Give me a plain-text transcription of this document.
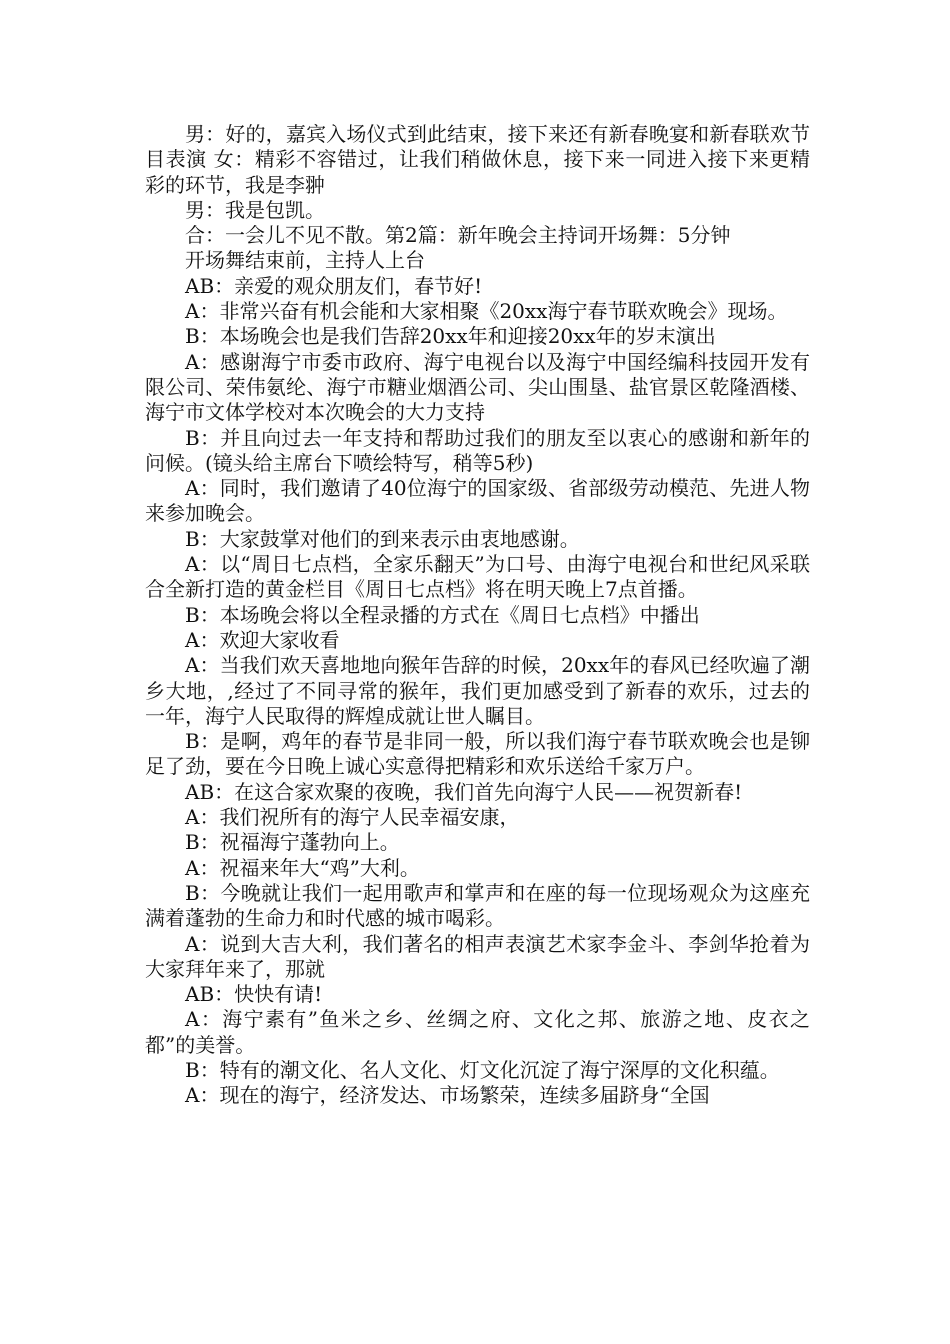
男：好的，嘉宾入场仪式到此结束，接下来还有新春晚宴和新春联欢节目表演 女：精彩不容错过，让我们稍做休息，接下来一同进入接下来更精彩的环节，我是李翀

男：我是包凯。

合：一会儿不见不散。第2篇：新年晚会主持词开场舞：5分钟

开场舞结束前，主持人上台

AB：亲爱的观众朋友们，春节好!

A：非常兴奋有机会能和大家相聚《20xx海宁春节联欢晚会》现场。

B：本场晚会也是我们告辞20xx年和迎接20xx年的岁末演出

A：感谢海宁市委市政府、海宁电视台以及海宁中国经编科技园开发有限公司、荣伟氨纶、海宁市糖业烟酒公司、尖山围垦、盐官景区乾隆酒楼、海宁市文体学校对本次晚会的大力支持

B：并且向过去一年支持和帮助过我们的朋友至以衷心的感谢和新年的问候。(镜头给主席台下喷绘特写，稍等5秒)

A：同时，我们邀请了40位海宁的国家级、省部级劳动模范、先进人物来参加晚会。

B：大家鼓掌对他们的到来表示由衷地感谢。

A：以“周日七点档，全家乐翻天”为口号、由海宁电视台和世纪风采联合全新打造的黄金栏目《周日七点档》将在明天晚上7点首播。

B：本场晚会将以全程录播的方式在《周日七点档》中播出

A：欢迎大家收看

A：当我们欢天喜地地向猴年告辞的时候，20xx年的春风已经吹遍了潮乡大地，,经过了不同寻常的猴年，我们更加感受到了新春的欢乐，过去的一年，海宁人民取得的辉煌成就让世人瞩目。

B：是啊，鸡年的春节是非同一般，所以我们海宁春节联欢晚会也是铆足了劲，要在今日晚上诚心实意得把精彩和欢乐送给千家万户。

AB：在这合家欢聚的夜晚，我们首先向海宁人民——祝贺新春!

A：我们祝所有的海宁人民幸福安康，

B：祝福海宁蓬勃向上。

A：祝福来年大“鸡”大利。

B：今晚就让我们一起用歌声和掌声和在座的每一位现场观众为这座充满着蓬勃的生命力和时代感的城市喝彩。

A：说到大吉大利，我们著名的相声表演艺术家李金斗、李剑华抢着为大家拜年来了，那就

AB：快快有请!

A：海宁素有”鱼米之乡、丝绸之府、文化之邦、旅游之地、皮衣之都”的美誉。

B：特有的潮文化、名人文化、灯文化沉淀了海宁深厚的文化积蕴。

A：现在的海宁，经济发达、市场繁荣，连续多届跻身“全国
